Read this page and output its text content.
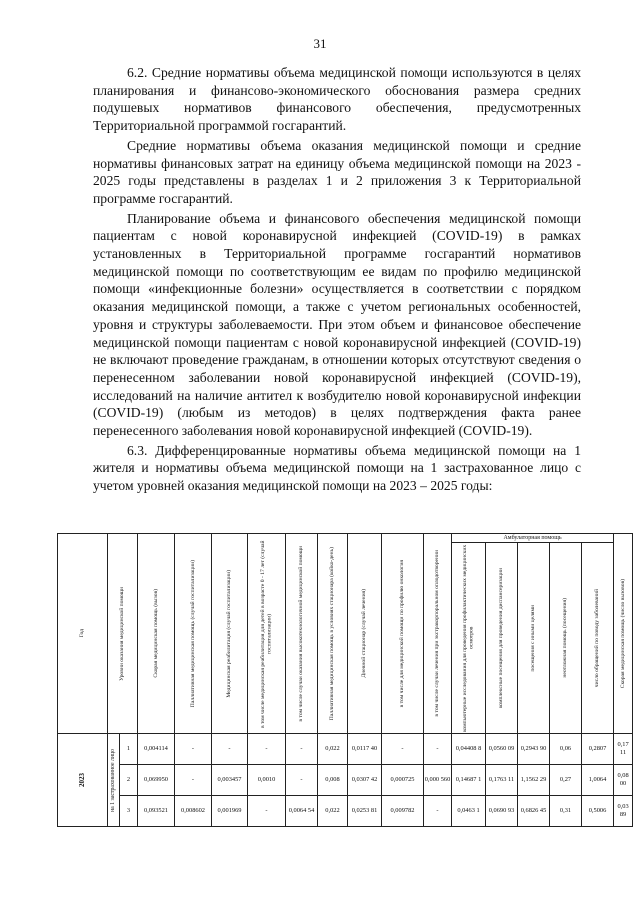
31

6.2. Средние нормативы объема медицинской помощи используются в целях планирования и финансово-экономического обоснования размера средних подушевых нормативов финансового обеспечения, предусмотренных Территориальной программой госгарантий.

Средние нормативы объема оказания медицинской помощи и средние нормативы финансовых затрат на единицу объема медицинской помощи на 2023 - 2025 годы представлены в разделах 1 и 2 приложения 3 к Территориальной программе госгарантий.

Планирование объема и финансового обеспечения медицинской помощи пациентам с новой коронавирусной инфекцией (COVID-19) в рамках установленных в Территориальной программе госгарантий нормативов медицинской помощи по соответствующим ее видам по профилю медицинской помощи «инфекционные болезни» осуществляется в соответствии с порядком оказания медицинской помощи, а также с учетом региональных особенностей, уровня и структуры заболеваемости. При этом объем и финансовое обеспечение медицинской помощи пациентам с новой коронавирусной инфекцией (COVID-19) не включают проведение гражданам, в отношении которых отсутствуют сведения о перенесенном заболевании новой коронавирусной инфекцией (COVID-19), исследований на наличие антител к возбудителю новой коронавирусной инфекции (COVID-19) (любым из методов) в целях подтверждения факта ранее перенесенного заболевания новой коронавирусной инфекцией (COVID-19).

6.3. Дифференцированные нормативы объема медицинской помощи на 1 жителя и нормативы объема медицинской помощи на 1 застрахованное лицо с учетом уровней оказания медицинской помощи на 2023 – 2025 годы:

Год	Уровни оказания медицинской помощи		Скорая медицинская помощь (вызов)	Паллиативная медицинская помощь (случай госпитализации)	Медицинская реабилитация (случай госпитализации)	в том числе медицинская реабилитация для детей в возрасте 0 - 17 лет (случай госпитализации)	в том числе случаи оказания высокотехнологичной медицинской помощи	Паллиативная медицинская помощь в условиях стационара (койко-день)	Дневной стационар (случай лечения)	в том числе для медицинской помощи по профилю онкология	в том числе случаи лечения при экстракорпоральном оплодотворении	Амбулаторная помощь					Скорая медицинская помощь (число вызовов)

												компьютерные исследования для проведения профилактических медицинских осмотров	комплексные посещения для проведения диспансеризации	посещения с иными целями	неотложная помощь (посещения)	число обращений по поводу заболеваний	

2023	на 1 застрахованное лицо	1	0,004114	-	-	-	-	0,022	0,0117 40	-	-	0,04408 8	0,0560 09	0,2943 90	0,06	0,2807	0,17 11
		2	0,069950	-	0,003457	0,0010	-	0,008	0,0307 42	0,000725	0,000 560	0,14687 1	0,1763 11	1,1562 29	0,27	1,0064	0,08 00
		3	0,093521	0,008602	0,001969	-	0,0064 54	0,022	0,0253 81	0,009782	-	0,0463 1	0,0690 93	0,6826 45	0,31	0,5006	0,03 89
